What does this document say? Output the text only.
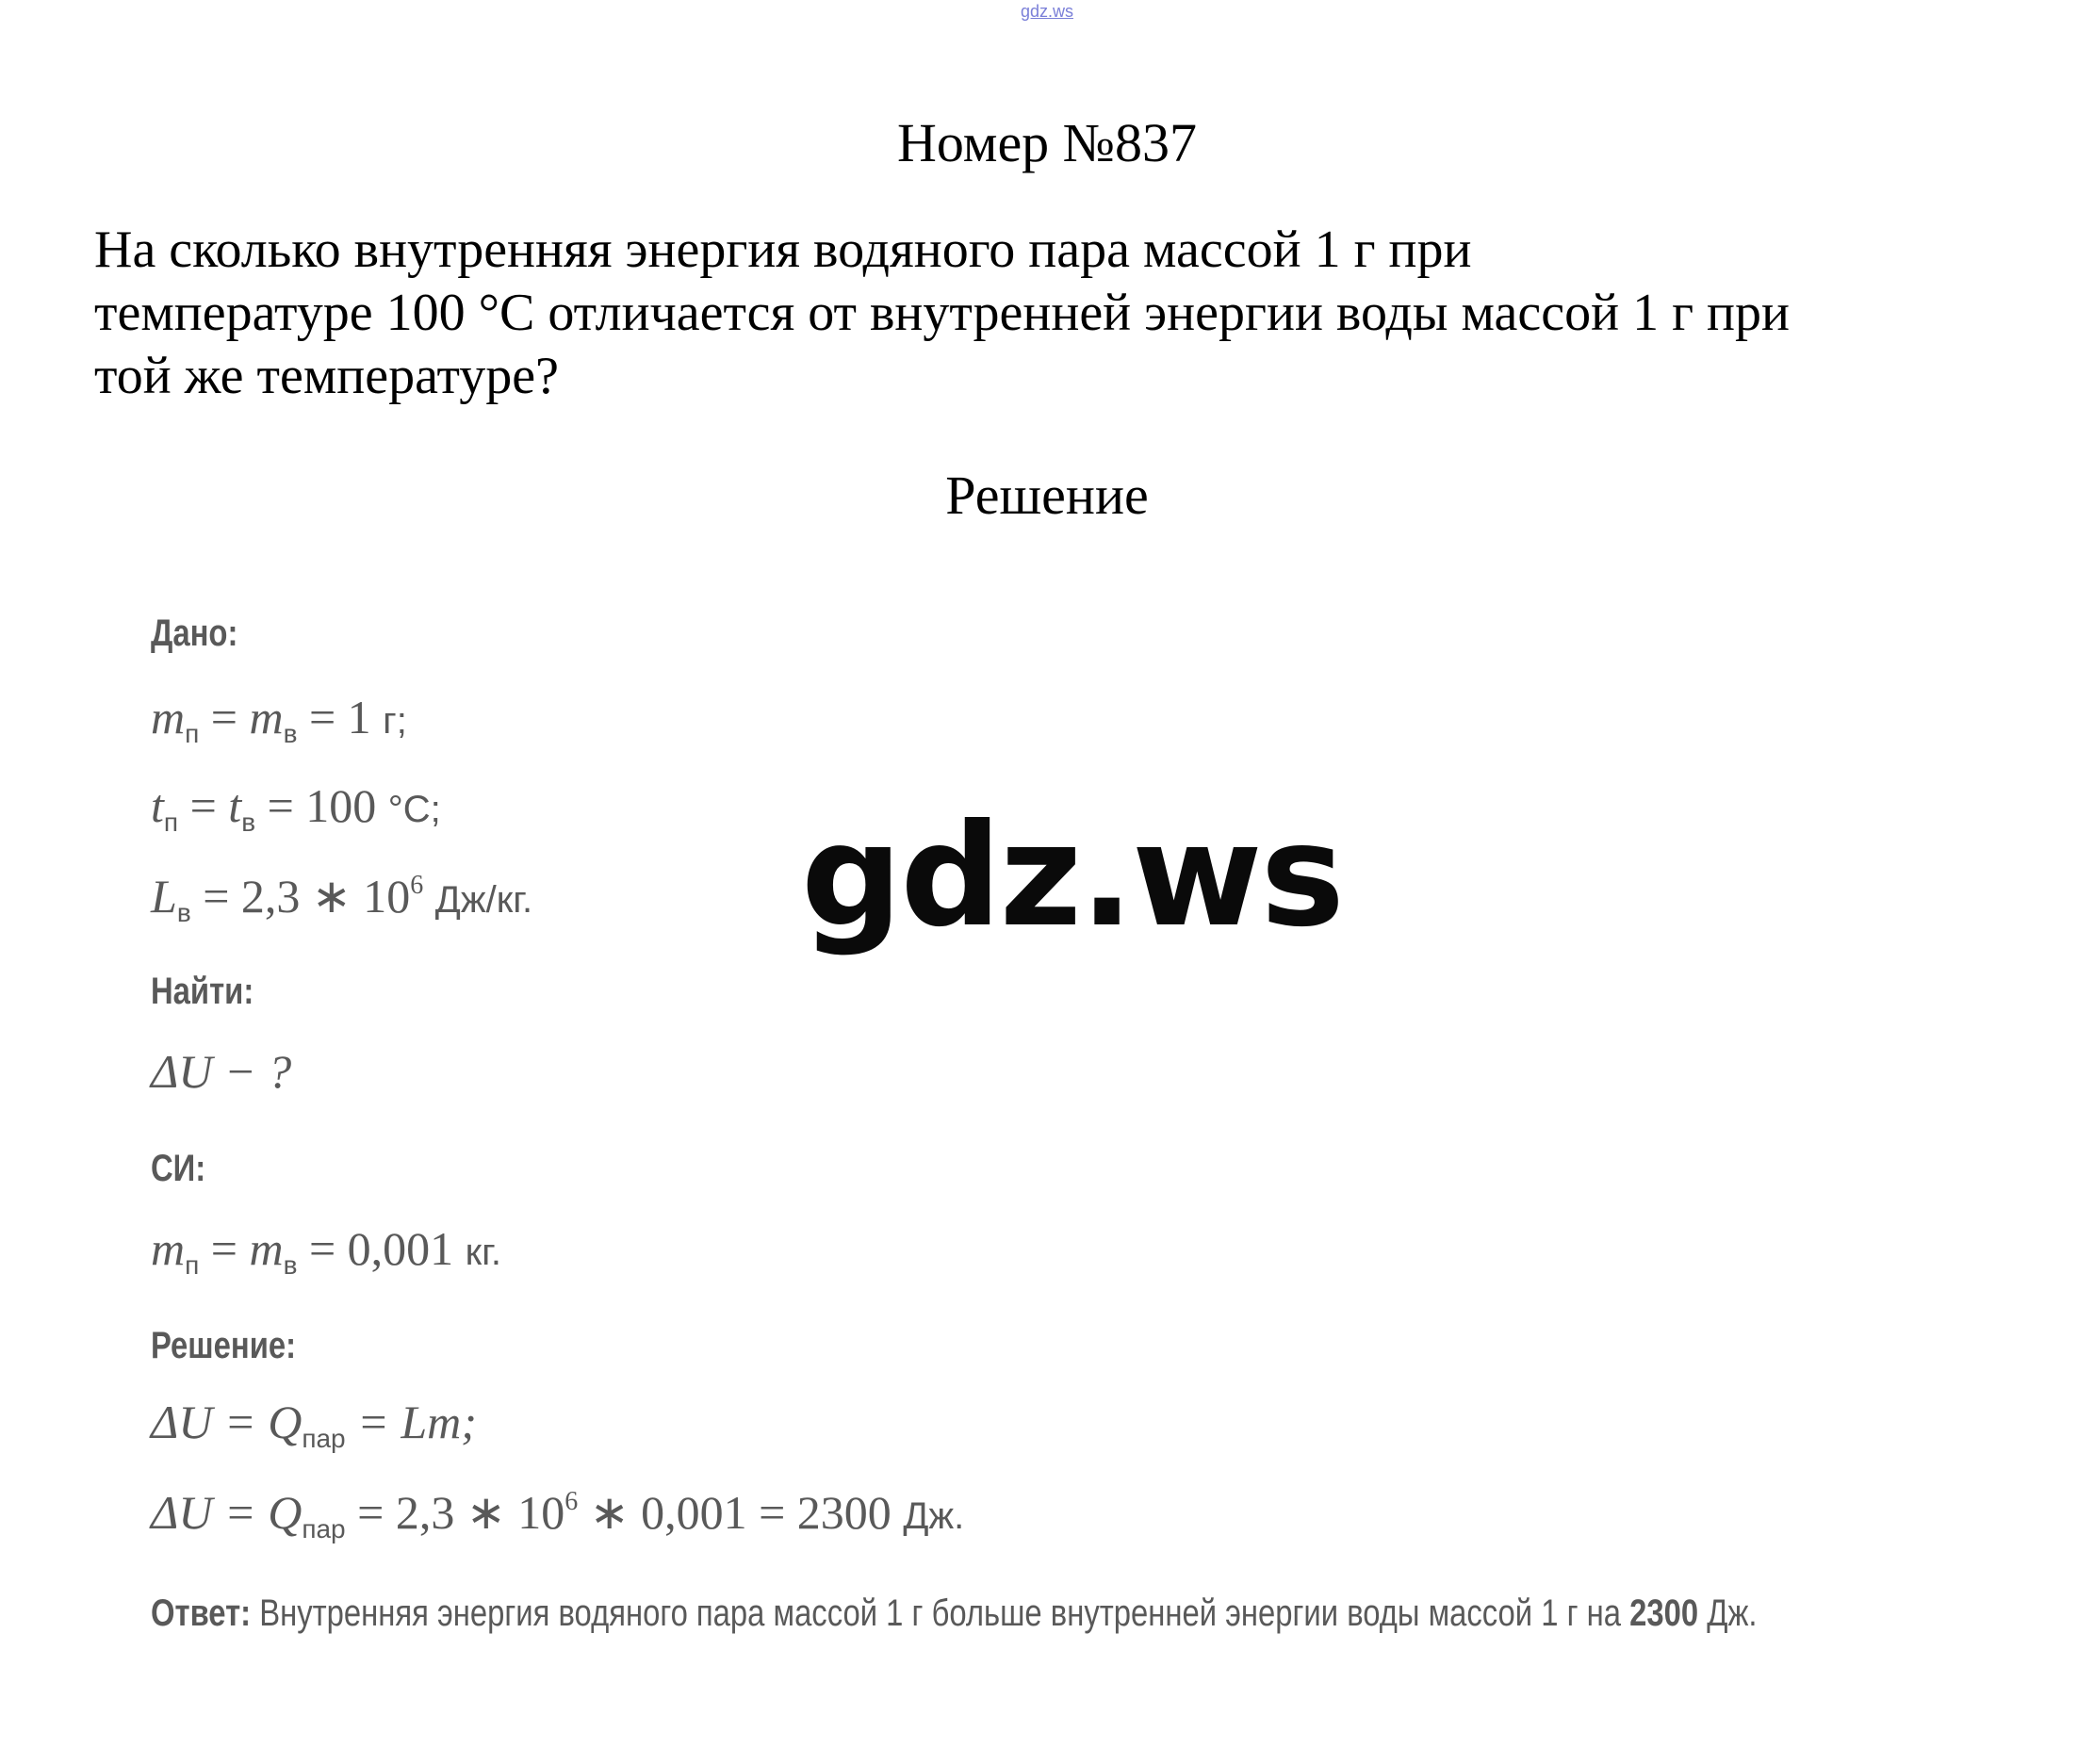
gdz.ws
Номер №837
На сколько внутренняя энергия водяного пара массой 1 г при
температуре 100 °С отличается от внутренней энергии воды массой 1 г при
той же температуре?
Решение
Дано:
$m_п = m_в = 1$ г;
$t_п = t_в = 100$ °С;
$L_в = 2,3$ ∗ $10^6$ Дж/кг.
Найти:
ΔU − ?
СИ:
$m_п = m_в = 0,001$ кг.
Решение:
$\Delta U = Q_{пар} = Lm$;
$\Delta U = Q_{пар} = 2,3$ ∗ $10^6$ ∗ 0,001 = 2300 Дж.
Ответ: Внутренняя энергия водяного пара массой 1 г больше внутренней энергии воды массой 1 г на 2300 Дж.
gdz.ws
